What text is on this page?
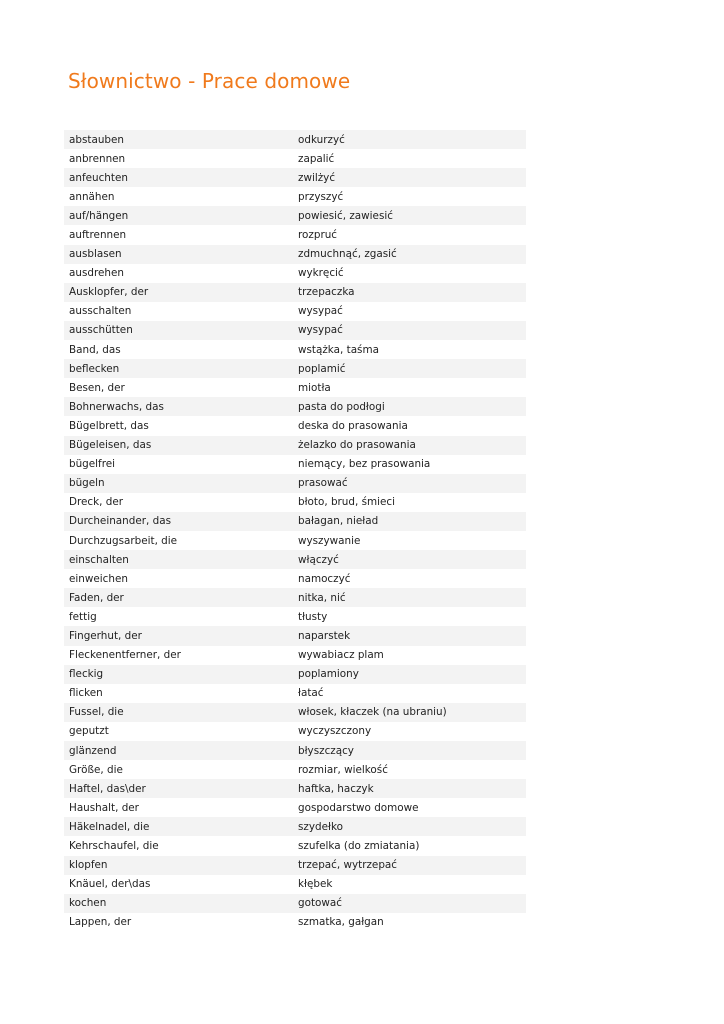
Słownictwo - Prace domowe
abstauben	odkurzyć
anbrennen	zapalić
anfeuchten	zwilżyć
annähen	przyszyć
auf/hängen	powiesić, zawiesić
auftrennen	rozpruć
ausblasen	zdmuchnąć, zgasić
ausdrehen	wykręcić
Ausklopfer, der	trzepaczka
ausschalten	wysypać
ausschütten	wysypać
Band, das	wstążka, taśma
beflecken	poplamić
Besen, der	miotła
Bohnerwachs, das	pasta do podłogi
Bügelbrett, das	deska do prasowania
Bügeleisen, das	żelazko do prasowania
bügelfrei	niemący, bez prasowania
bügeln	prasować
Dreck, der	błoto, brud, śmieci
Durcheinander, das	bałagan, nieład
Durchzugsarbeit, die	wyszywanie
einschalten	włączyć
einweichen	namoczyć
Faden, der	nitka, nić
fettig	tłusty
Fingerhut, der	naparstek
Fleckenentferner, der	wywabiacz plam
fleckig	poplamiony
flicken	łatać
Fussel, die	włosek, kłaczek (na ubraniu)
geputzt	wyczyszczony
glänzend	błyszczący
Größe, die	rozmiar, wielkość
Haftel, das\der	haftka, haczyk
Haushalt, der	gospodarstwo domowe
Häkelnadel, die	szydełko
Kehrschaufel, die	szufelka (do zmiatania)
klopfen	trzepać, wytrzepać
Knäuel, der\das	kłębek
kochen	gotować
Lappen, der	szmatka, gałgan
